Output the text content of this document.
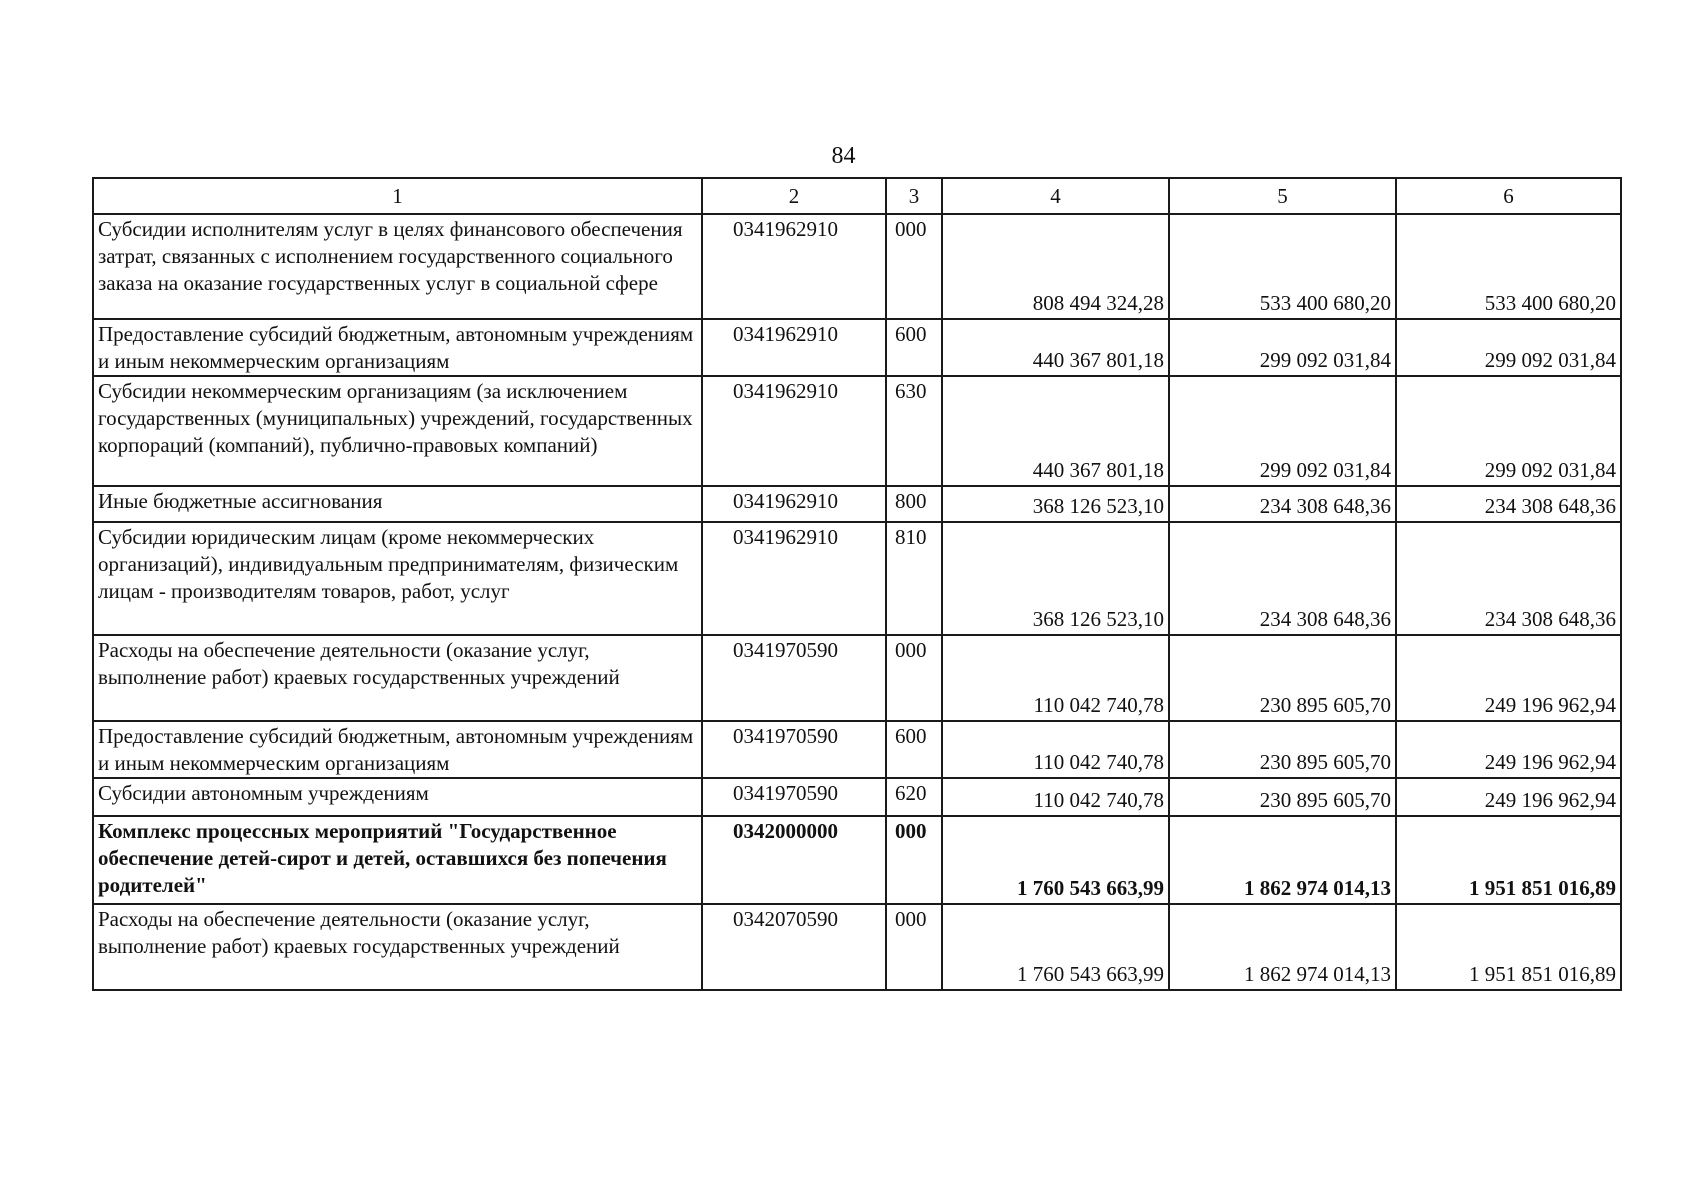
84
1	2	3	4	5	6
Субсидии исполнителям услуг в целях финансового обеспечения затрат, связанных с исполнением государственного социального заказа на оказание государственных услуг в социальной сфере	0341962910	000	808 494 324,28	533 400 680,20	533 400 680,20
Предоставление субсидий бюджетным, автономным учреждениям и иным некоммерческим организациям	0341962910	600	440 367 801,18	299 092 031,84	299 092 031,84
Субсидии некоммерческим организациям (за исключением государственных (муниципальных) учреждений, государственных корпораций (компаний), публично-правовых компаний)	0341962910	630	440 367 801,18	299 092 031,84	299 092 031,84
Иные бюджетные ассигнования	0341962910	800	368 126 523,10	234 308 648,36	234 308 648,36
Субсидии юридическим лицам (кроме некоммерческих организаций), индивидуальным предпринимателям, физическим лицам - производителям товаров, работ, услуг	0341962910	810	368 126 523,10	234 308 648,36	234 308 648,36
Расходы на обеспечение деятельности (оказание услуг, выполнение работ) краевых государственных учреждений	0341970590	000	110 042 740,78	230 895 605,70	249 196 962,94
Предоставление субсидий бюджетным, автономным учреждениям и иным некоммерческим организациям	0341970590	600	110 042 740,78	230 895 605,70	249 196 962,94
Субсидии автономным учреждениям	0341970590	620	110 042 740,78	230 895 605,70	249 196 962,94
Комплекс процессных мероприятий "Государственное обеспечение детей-сирот и детей, оставшихся без попечения родителей"	0342000000	000	1 760 543 663,99	1 862 974 014,13	1 951 851 016,89
Расходы на обеспечение деятельности (оказание услуг, выполнение работ) краевых государственных учреждений	0342070590	000	1 760 543 663,99	1 862 974 014,13	1 951 851 016,89
